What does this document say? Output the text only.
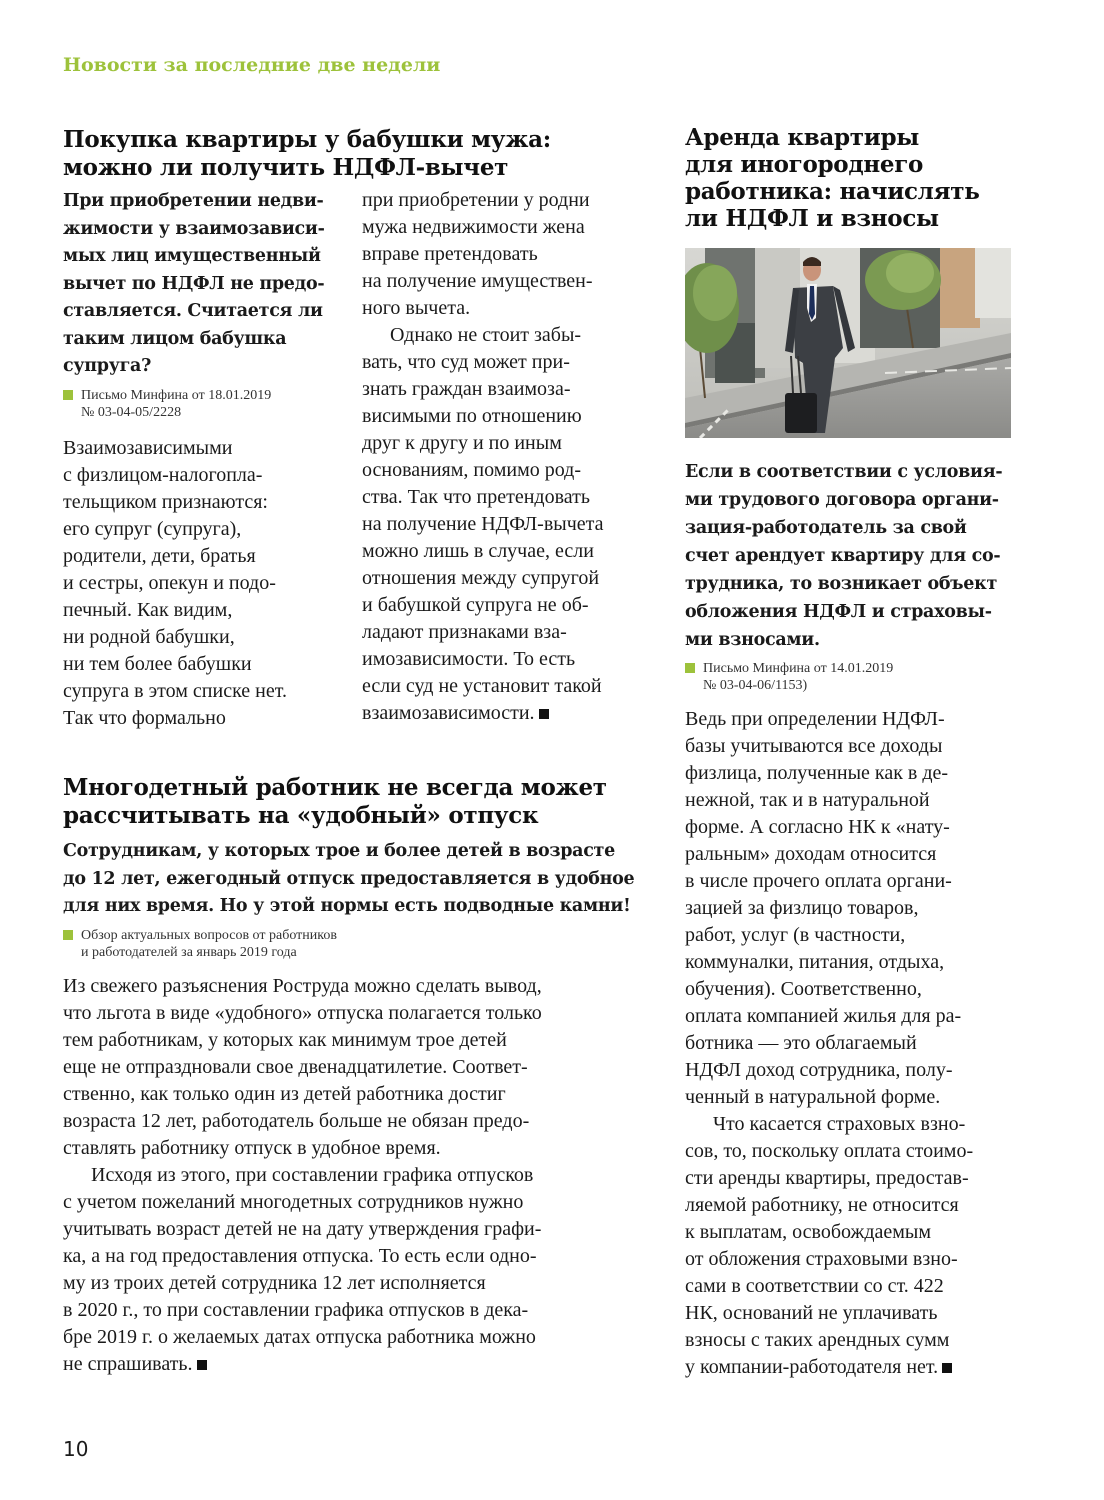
Новости за последние две недели
Покупка квартиры у бабушки мужа:
можно ли получить НДФЛ-вычет
При приобретении недви-
жимости у взаимозависи-
мых лиц имущественный
вычет по НДФЛ не предо-
ставляется. Считается ли
таким лицом бабушка
супруга?
Письмо Минфина от 18.01.2019
№ 03-04-05/2228
Взаимозависимыми
с физлицом-налогопла-
тельщиком признаются:
его супруг (супруга),
родители, дети, братья
и сестры, опекун и подо-
печный. Как видим,
ни родной бабушки,
ни тем более бабушки
супруга в этом списке нет.
Так что формально
при приобретении у родни
мужа недвижимости жена
вправе претендовать
на получение имуществен-
ного вычета.
Однако не стоит забы-
вать, что суд может при-
знать граждан взаимоза-
висимыми по отношению
друг к другу и по иным
основаниям, помимо род-
ства. Так что претендовать
на получение НДФЛ-вычета
можно лишь в случае, если
отношения между супругой
и бабушкой супруга не об-
ладают признаками вза-
имозависимости. То есть
если суд не установит такой
взаимозависимости.
Многодетный работник не всегда может
рассчитывать на «удобный» отпуск
Сотрудникам, у которых трое и более детей в возрасте
до 12 лет, ежегодный отпуск предоставляется в удобное
для них время. Но у этой нормы есть подводные камни!
Обзор актуальных вопросов от работников
и работодателей за январь 2019 года
Из свежего разъяснения Роструда можно сделать вывод,
что льгота в виде «удобного» отпуска полагается только
тем работникам, у которых как минимум трое детей
еще не отпраздновали свое двенадцатилетие. Соответ-
ственно, как только один из детей работника достиг
возраста 12 лет, работодатель больше не обязан предо-
ставлять работнику отпуск в удобное время.
Исходя из этого, при составлении графика отпусков
с учетом пожеланий многодетных сотрудников нужно
учитывать возраст детей не на дату утверждения графи-
ка, а на год предоставления отпуска. То есть если одно-
му из троих детей сотрудника 12 лет исполняется
в 2020 г., то при составлении графика отпусков в дека-
бре 2019 г. о желаемых датах отпуска работника можно
не спрашивать.
Аренда квартиры
для иногороднего
работника: начислять
ли НДФЛ и взносы
Если в соответствии с условия-
ми трудового договора органи-
зация-работодатель за свой
счет арендует квартиру для со-
трудника, то возникает объект
обложения НДФЛ и страховы-
ми взносами.
Письмо Минфина от 14.01.2019
№ 03-04-06/1153)
Ведь при определении НДФЛ-
базы учитываются все доходы
физлица, полученные как в де-
нежной, так и в натуральной
форме. А согласно НК к «нату-
ральным» доходам относится
в числе прочего оплата органи-
зацией за физлицо товаров,
работ, услуг (в частности,
коммуналки, питания, отдыха,
обучения). Соответственно,
оплата компанией жилья для ра-
ботника — это облагаемый
НДФЛ доход сотрудника, полу-
ченный в натуральной форме.
Что касается страховых взно-
сов, то, поскольку оплата стоимо-
сти аренды квартиры, предостав-
ляемой работнику, не относится
к выплатам, освобождаемым
от обложения страховыми взно-
сами в соответствии со ст. 422
НК, оснований не уплачивать
взносы с таких арендных сумм
у компании-работодателя нет.
10
